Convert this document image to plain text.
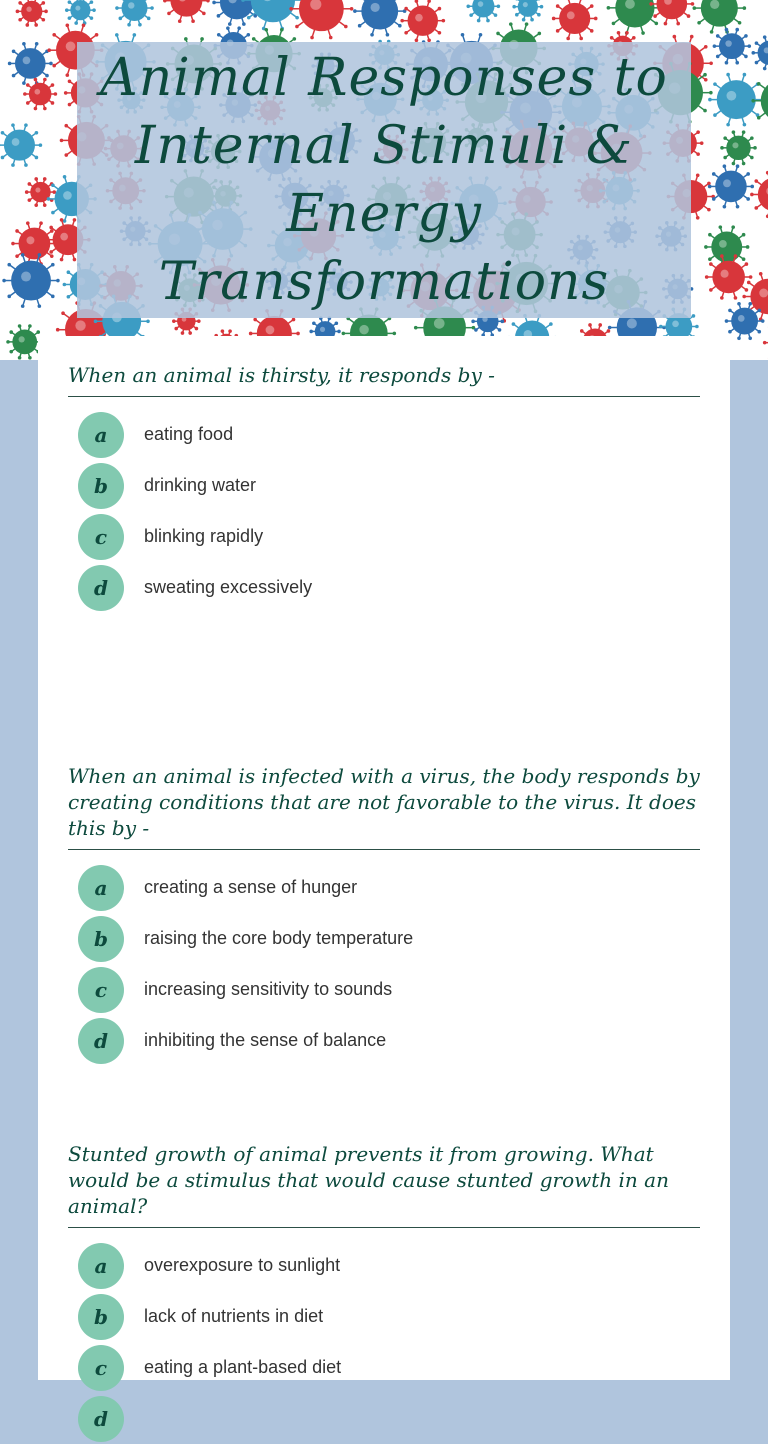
Animal Responses to Internal Stimuli & Energy Transformations

When an animal is thirsty, it responds by -

a	eating food
b	drinking water
c	blinking rapidly
d	sweating excessively

When an animal is infected with a virus, the body responds by creating conditions that are not favorable to the virus. It does this by -

a	creating a sense of hunger
b	raising the core body temperature
c	increasing sensitivity to sounds
d	inhibiting the sense of balance

Stunted growth of animal prevents it from growing. What would be a stimulus that would cause stunted growth in an animal?

a	overexposure to sunlight
b	lack of nutrients in diet
c	eating a plant-based diet
d
